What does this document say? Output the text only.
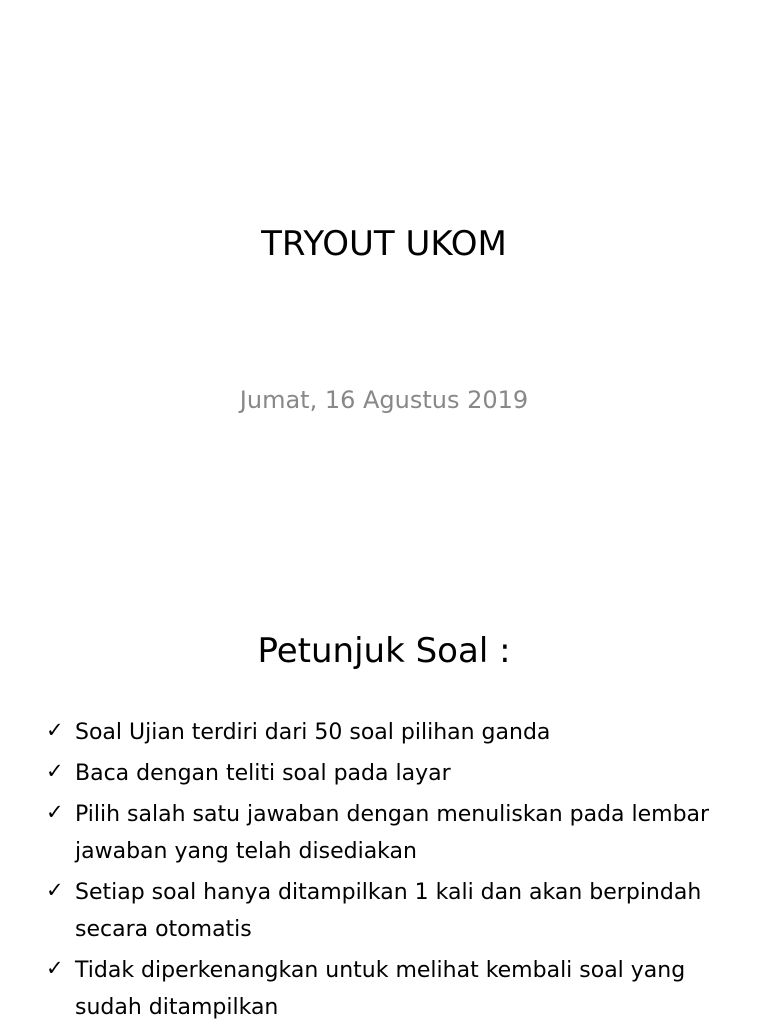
TRYOUT UKOM
Jumat, 16 Agustus 2019
Petunjuk Soal :
✓ Soal Ujian terdiri dari 50 soal pilihan ganda
✓ Baca dengan teliti soal pada layar
✓ Pilih salah satu jawaban dengan menuliskan pada lembar jawaban yang telah disediakan
✓ Setiap soal hanya ditampilkan 1 kali dan akan berpindah secara otomatis
✓ Tidak diperkenangkan untuk melihat kembali soal yang sudah ditampilkan
